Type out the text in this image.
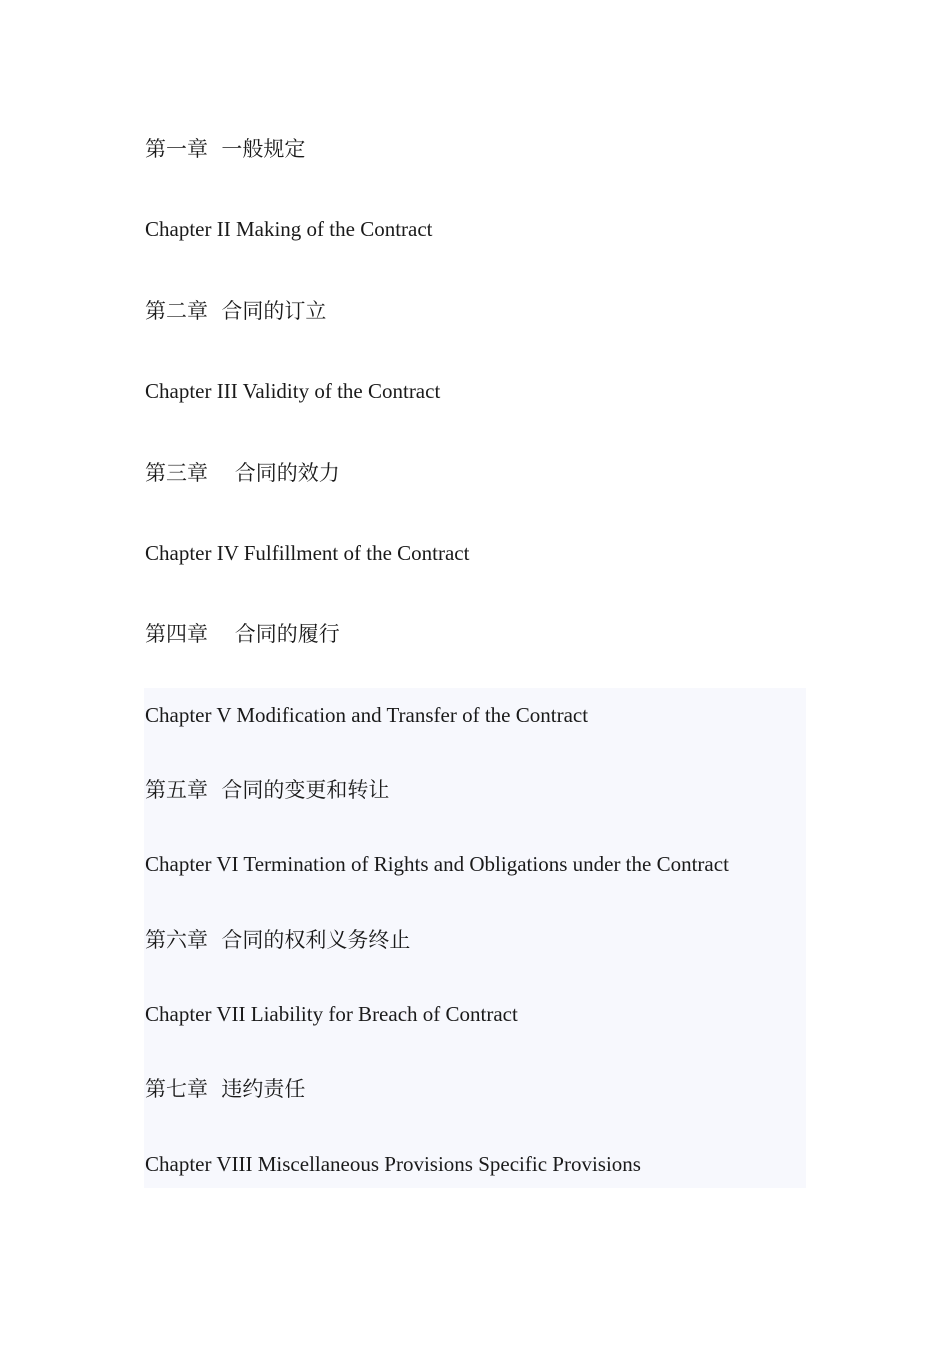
第一章  一般规定
Chapter II Making of the Contract
第二章  合同的订立
Chapter III Validity of the Contract
第三章    合同的效力
Chapter IV Fulfillment of the Contract
第四章    合同的履行
Chapter V Modification and Transfer of the Contract
第五章  合同的变更和转让
Chapter VI Termination of Rights and Obligations under the Contract
第六章  合同的权利义务终止
Chapter VII Liability for Breach of Contract
第七章  违约责任
Chapter VIII Miscellaneous Provisions Specific Provisions
